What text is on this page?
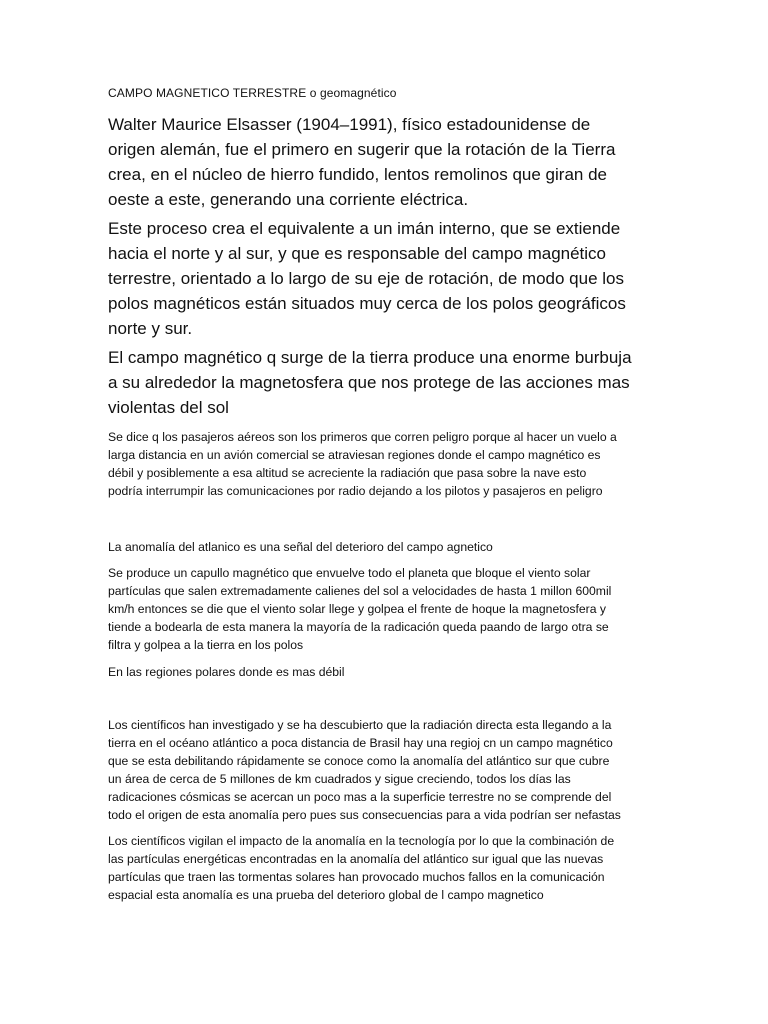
CAMPO MAGNETICO TERRESTRE o geomagnético

Walter Maurice Elsasser (1904–1991), físico estadounidense de
origen alemán, fue el primero en sugerir que la rotación de la Tierra
crea, en el núcleo de hierro fundido, lentos remolinos que giran de
oeste a este, generando una corriente eléctrica.
Este proceso crea el equivalente a un imán interno, que se extiende
hacia el norte y al sur, y que es responsable del campo magnético
terrestre, orientado a lo largo de su eje de rotación, de modo que los
polos magnéticos están situados muy cerca de los polos geográficos
norte y sur.
El campo magnético q surge de la tierra produce una enorme burbuja
a su alrededor la magnetosfera que nos protege de las acciones mas
violentas del sol
Se dice q los pasajeros aéreos son los primeros que corren peligro porque al hacer un vuelo a
larga distancia en un avión comercial se atraviesan regiones donde el campo magnético es
débil y posiblemente a esa altitud se acreciente la radiación que pasa sobre la nave esto
podría interrumpir las comunicaciones por radio dejando a los pilotos y pasajeros en peligro
La anomalía del atlanico es una señal del deterioro del campo agnetico
Se produce un capullo magnético que envuelve todo el planeta que bloque el viento solar
partículas que salen extremadamente calienes del sol a velocidades de hasta 1 millon 600mil
km/h entonces se die que el viento solar llege y golpea el frente de hoque la magnetosfera y
tiende a bodearla de esta manera la mayoría de la radicación queda paando de largo otra se
filtra y golpea a la tierra en los polos
En las regiones polares donde es mas débil
Los científicos han investigado y se ha descubierto que la radiación directa esta llegando a la
tierra en el océano atlántico a poca distancia de Brasil hay una regioj cn un campo magnético
que se esta debilitando rápidamente se conoce como la anomalía del atlántico sur que cubre
un área de cerca de 5 millones de km cuadrados y sigue creciendo, todos los días las
radicaciones cósmicas se acercan un poco mas a la superficie terrestre no se comprende del
todo el origen de esta anomalía pero pues sus consecuencias para a vida podrían ser nefastas
Los científicos vigilan el impacto de la anomalía en la tecnología por lo que la combinación de
las partículas energéticas encontradas en la anomalía del atlántico sur igual que las nuevas
partículas que traen las tormentas solares han provocado muchos fallos en la comunicación
espacial esta anomalía es una prueba del deterioro global de l campo magnetico
